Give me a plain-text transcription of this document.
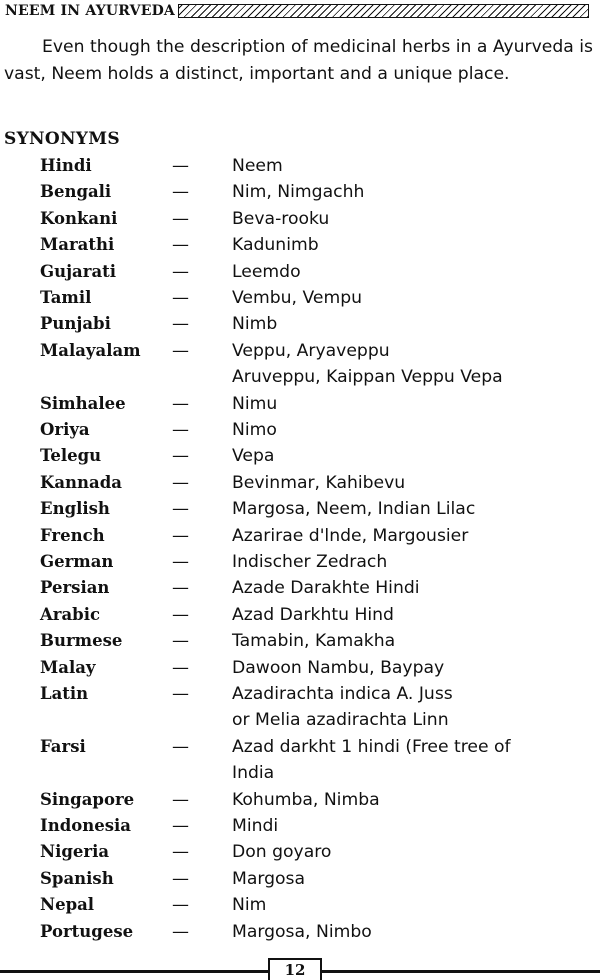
NEEM IN AYURVEDA

Even though the description of medicinal herbs in a Ayurveda is vast, Neem holds a distinct, important and a unique place.

SYNONYMS
Hindi	—	Neem
Bengali	—	Nim, Nimgachh
Konkani	—	Beva-rooku
Marathi	—	Kadunimb
Gujarati	—	Leemdo
Tamil	—	Vembu, Vempu
Punjabi	—	Nimb
Malayalam —	Veppu, Aryaveppu
Aruveppu, Kaippan Veppu Vepa
Simhalee	—	Nimu
Oriya	—	Nimo
Telegu	—	Vepa
Kannada	—	Bevinmar, Kahibevu
English	—	Margosa, Neem, Indian Lilac
French	—	Azarirae d'lnde, Margousier
German	—	Indischer Zedrach
Persian	—	Azade Darakhte Hindi
Arabic	—	Azad Darkhtu Hind
Burmese	—	Tamabin, Kamakha
Malay	—	Dawoon Nambu, Baypay
Latin	—	Azadirachta indica A. Juss
or Melia azadirachta Linn
Farsi	—	Azad darkht 1 hindi (Free tree of
India
Singapore —	Kohumba, Nimba
Indonesia —	Mindi
Nigeria	—	Don goyaro
Spanish	—	Margosa
Nepal	—	Nim
Portugese —	Margosa, Nimbo
12
